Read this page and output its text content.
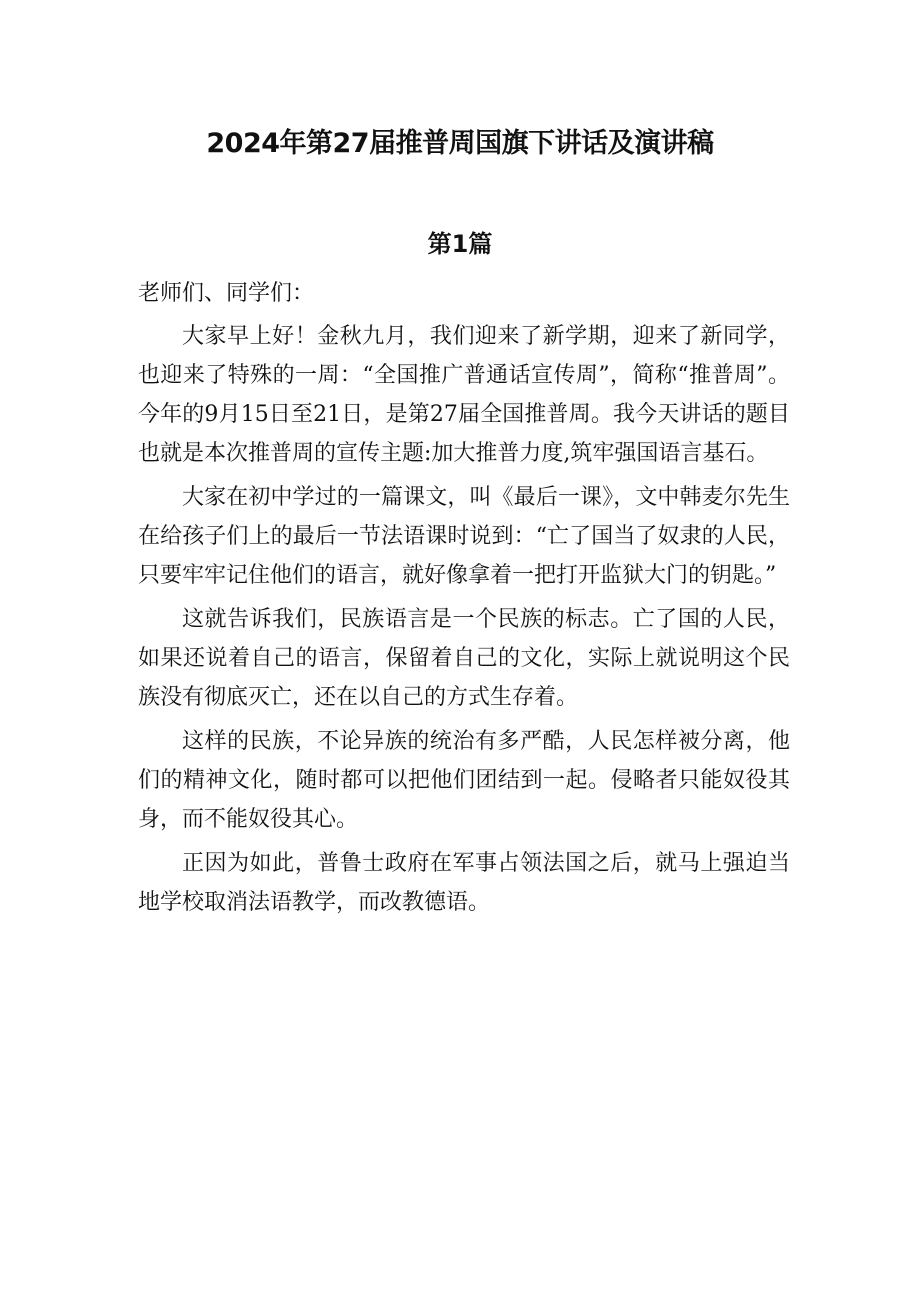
2024年第27届推普周国旗下讲话及演讲稿
第1篇

老师们、同学们：

大家早上好！金秋九月，我们迎来了新学期，迎来了新同学，也迎来了特殊的一周：“全国推广普通话宣传周”，简称“推普周”。今年的9月15日至21日，是第27届全国推普周。我今天讲话的题目也就是本次推普周的宣传主题:加大推普力度,筑牢强国语言基石。

大家在初中学过的一篇课文，叫《最后一课》，文中韩麦尔先生在给孩子们上的最后一节法语课时说到：“亡了国当了奴隶的人民，只要牢牢记住他们的语言，就好像拿着一把打开监狱大门的钥匙。”

这就告诉我们，民族语言是一个民族的标志。亡了国的人民，如果还说着自己的语言，保留着自己的文化，实际上就说明这个民族没有彻底灭亡，还在以自己的方式生存着。

这样的民族，不论异族的统治有多严酷，人民怎样被分离，他们的精神文化，随时都可以把他们团结到一起。侵略者只能奴役其身，而不能奴役其心。

正因为如此，普鲁士政府在军事占领法国之后，就马上强迫当地学校取消法语教学，而改教德语。
